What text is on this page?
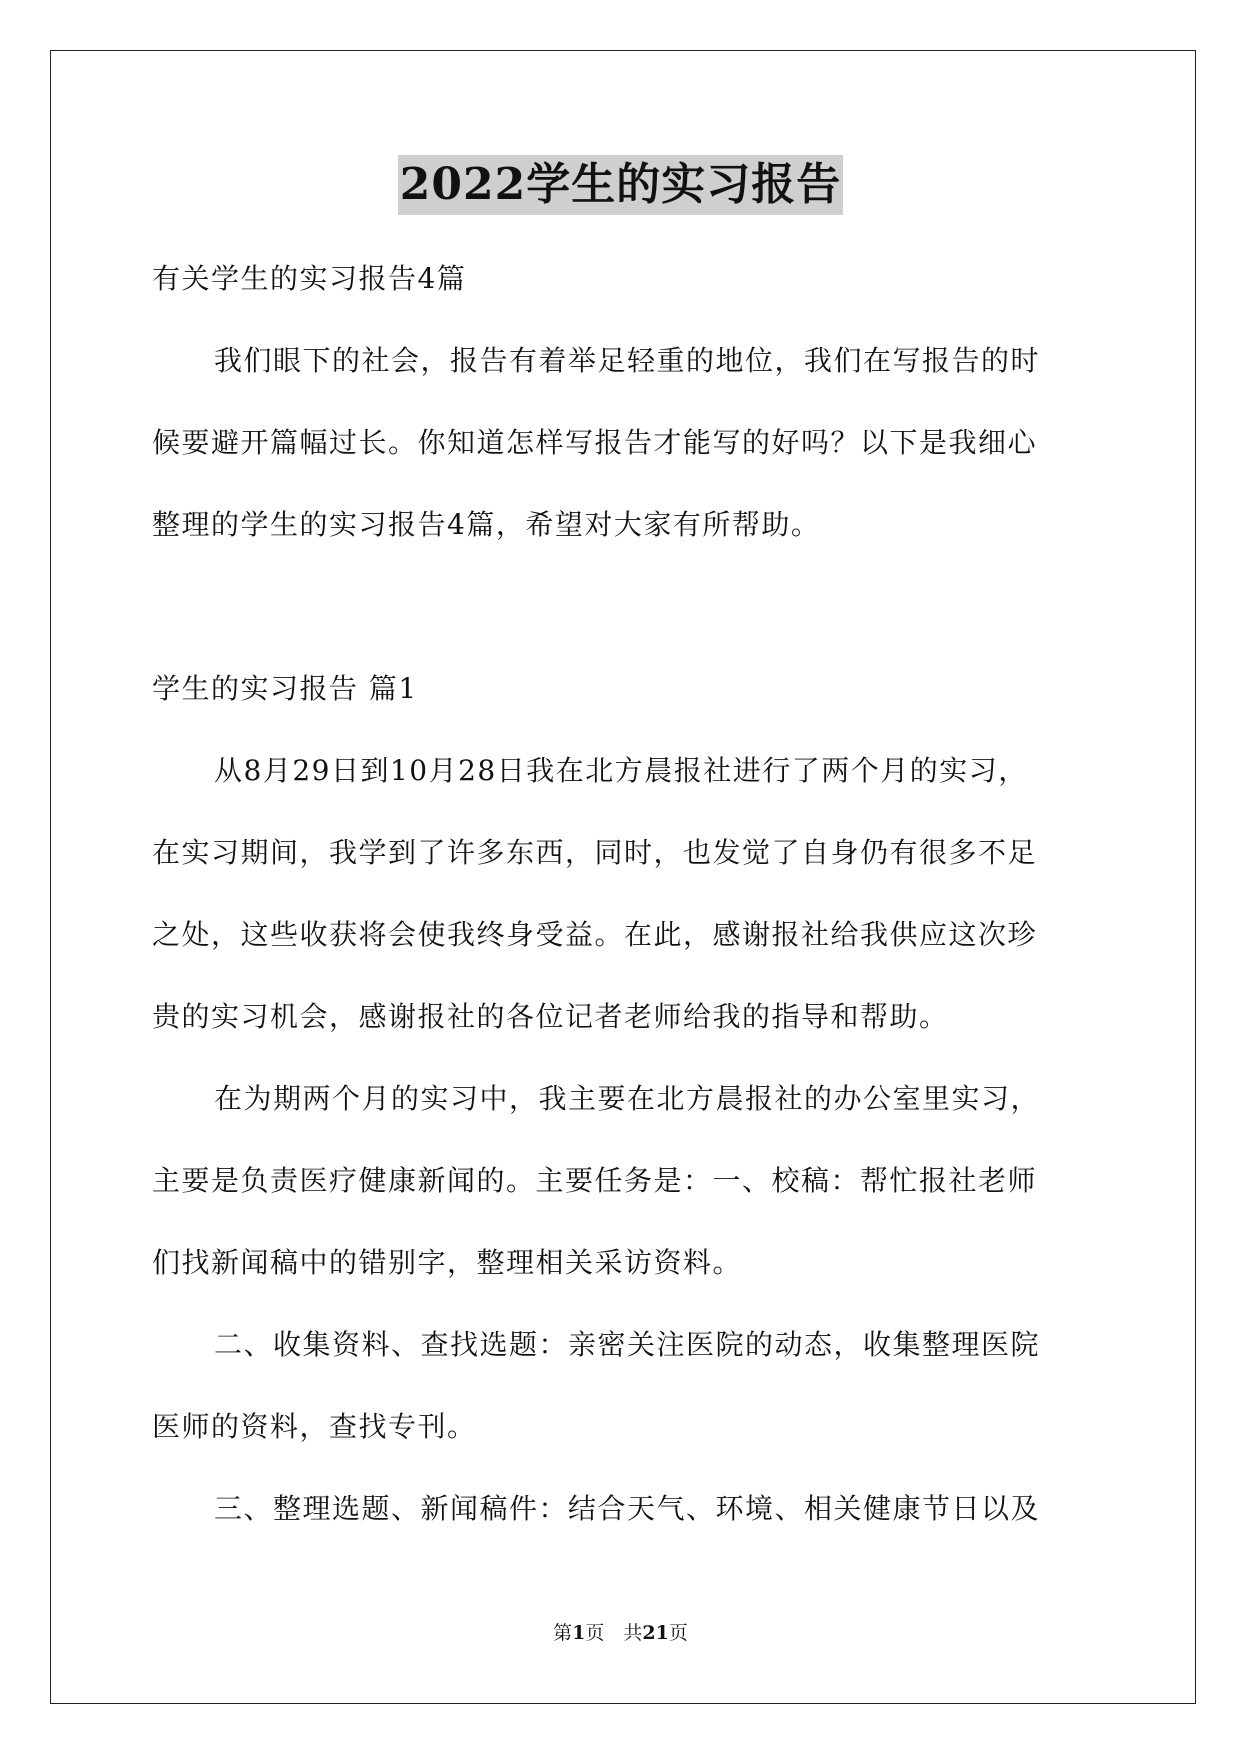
2022学生的实习报告
有关学生的实习报告4篇
我们眼下的社会，报告有着举足轻重的地位，我们在写报告的时
候要避开篇幅过长。你知道怎样写报告才能写的好吗？以下是我细心
整理的学生的实习报告4篇，希望对大家有所帮助。
学生的实习报告 篇1
从8月29日到10月28日我在北方晨报社进行了两个月的实习，
在实习期间，我学到了许多东西，同时，也发觉了自身仍有很多不足
之处，这些收获将会使我终身受益。在此，感谢报社给我供应这次珍
贵的实习机会，感谢报社的各位记者老师给我的指导和帮助。
在为期两个月的实习中，我主要在北方晨报社的办公室里实习，
主要是负责医疗健康新闻的。主要任务是：一、校稿：帮忙报社老师
们找新闻稿中的错别字，整理相关采访资料。
二、收集资料、查找选题：亲密关注医院的动态，收集整理医院
医师的资料，查找专刊。
三、整理选题、新闻稿件：结合天气、环境、相关健康节日以及
第1页　共21页
